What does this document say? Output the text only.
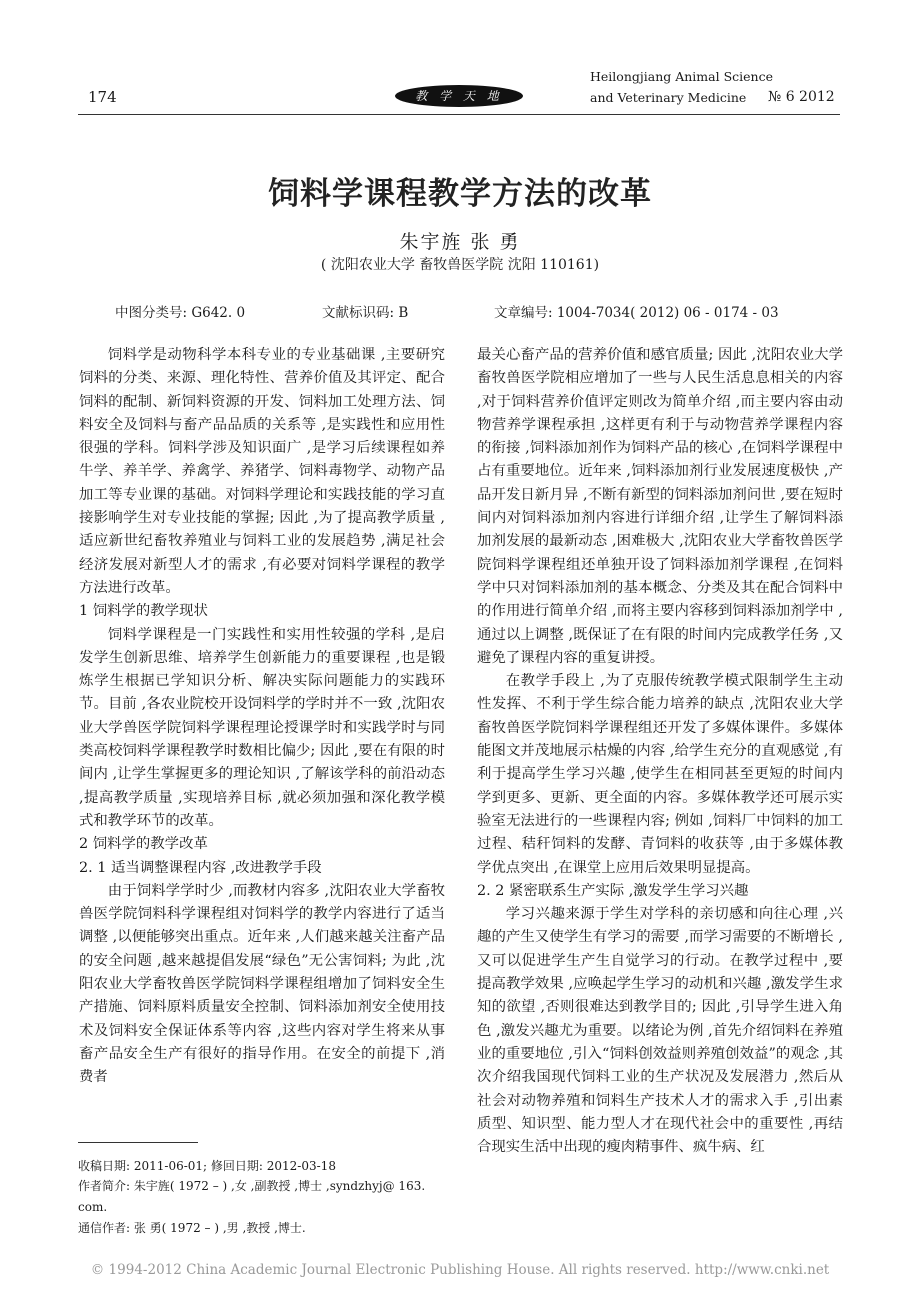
174	教 学 天 地
Heilongjiang Animal Science
and Veterinary Medicine	№ 6 2012
饲料学课程教学方法的改革
朱宇旌 张 勇
( 沈阳农业大学 畜牧兽医学院 沈阳 110161)
中图分类号: G642. 0	文献标识码: B	文章编号: 1004-7034( 2012) 06 - 0174 - 03

饲料学是动物科学本科专业的专业基础课 ,主要研究饲料的分类、来源、理化特性、营养价值及其评定、配合饲料的配制、新饲料资源的开发、饲料加工处理方法、饲料安全及饲料与畜产品品质的关系等 ,是实践性和应用性很强的学科。饲料学涉及知识面广 ,是学习后续课程如养牛学、养羊学、养禽学、养猪学、饲料毒物学、动物产品加工等专业课的基础。对饲料学理论和实践技能的学习直接影响学生对专业技能的掌握; 因此 ,为了提高教学质量 ,适应新世纪畜牧养殖业与饲料工业的发展趋势 ,满足社会经济发展对新型人才的需求 ,有必要对饲料学课程的教学方法进行改革。

1 饲料学的教学现状

饲料学课程是一门实践性和实用性较强的学科 ,是启发学生创新思维、培养学生创新能力的重要课程 ,也是锻炼学生根据已学知识分析、解决实际问题能力的实践环节。目前 ,各农业院校开设饲料学的学时并不一致 ,沈阳农业大学兽医学院饲料学课程理论授课学时和实践学时与同类高校饲料学课程教学时数相比偏少; 因此 ,要在有限的时间内 ,让学生掌握更多的理论知识 ,了解该学科的前沿动态 ,提高教学质量 ,实现培养目标 ,就必须加强和深化教学模式和教学环节的改革。

2 饲料学的教学改革

2. 1 适当调整课程内容 ,改进教学手段

由于饲料学学时少 ,而教材内容多 ,沈阳农业大学畜牧兽医学院饲料科学课程组对饲料学的教学内容进行了适当调整 ,以便能够突出重点。近年来 ,人们越来越关注畜产品的安全问题 ,越来越提倡发展“绿色”无公害饲料; 为此 ,沈阳农业大学畜牧兽医学院饲料学课程组增加了饲料安全生产措施、饲料原料质量安全控制、饲料添加剂安全使用技术及饲料安全保证体系等内容 ,这些内容对学生将来从事畜产品安全生产有很好的指导作用。在安全的前提下 ,消费者

最关心畜产品的营养价值和感官质量; 因此 ,沈阳农业大学畜牧兽医学院相应增加了一些与人民生活息息相关的内容 ,对于饲料营养价值评定则改为简单介绍 ,而主要内容由动物营养学课程承担 ,这样更有利于与动物营养学课程内容的衔接 ,饲料添加剂作为饲料产品的核心 ,在饲料学课程中占有重要地位。近年来 ,饲料添加剂行业发展速度极快 ,产品开发日新月异 ,不断有新型的饲料添加剂问世 ,要在短时间内对饲料添加剂内容进行详细介绍 ,让学生了解饲料添加剂发展的最新动态 ,困难极大 ,沈阳农业大学畜牧兽医学院饲料学课程组还单独开设了饲料添加剂学课程 ,在饲料学中只对饲料添加剂的基本概念、分类及其在配合饲料中的作用进行简单介绍 ,而将主要内容移到饲料添加剂学中 ,通过以上调整 ,既保证了在有限的时间内完成教学任务 ,又避免了课程内容的重复讲授。

在教学手段上 ,为了克服传统教学模式限制学生主动性发挥、不利于学生综合能力培养的缺点 ,沈阳农业大学畜牧兽医学院饲料学课程组还开发了多媒体课件。多媒体能图文并茂地展示枯燥的内容 ,给学生充分的直观感觉 ,有利于提高学生学习兴趣 ,使学生在相同甚至更短的时间内学到更多、更新、更全面的内容。多媒体教学还可展示实验室无法进行的一些课程内容; 例如 ,饲料厂中饲料的加工过程、秸秆饲料的发酵、青饲料的收获等 ,由于多媒体教学优点突出 ,在课堂上应用后效果明显提高。

2. 2 紧密联系生产实际 ,激发学生学习兴趣

学习兴趣来源于学生对学科的亲切感和向往心理 ,兴趣的产生又使学生有学习的需要 ,而学习需要的不断增长 ,又可以促进学生产生自觉学习的行动。在教学过程中 ,要提高教学效果 ,应唤起学生学习的动机和兴趣 ,激发学生求知的欲望 ,否则很难达到教学目的; 因此 ,引导学生进入角色 ,激发兴趣尤为重要。以绪论为例 ,首先介绍饲料在养殖业的重要地位 ,引入“饲料创效益则养殖创效益”的观念 ,其次介绍我国现代饲料工业的生产状况及发展潜力 ,然后从社会对动物养殖和饲料生产技术人才的需求入手 ,引出素质型、知识型、能力型人才在现代社会中的重要性 ,再结合现实生活中出现的瘦肉精事件、疯牛病、红

收稿日期: 2011-06-01; 修回日期: 2012-03-18
作者简介: 朱宇旌( 1972 – ) ,女 ,副教授 ,博士 ,syndzhyj@ 163.
com.
通信作者: 张 勇( 1972 – ) ,男 ,教授 ,博士.
© 1994-2012 China Academic Journal Electronic Publishing House. All rights reserved. http://www.cnki.net
